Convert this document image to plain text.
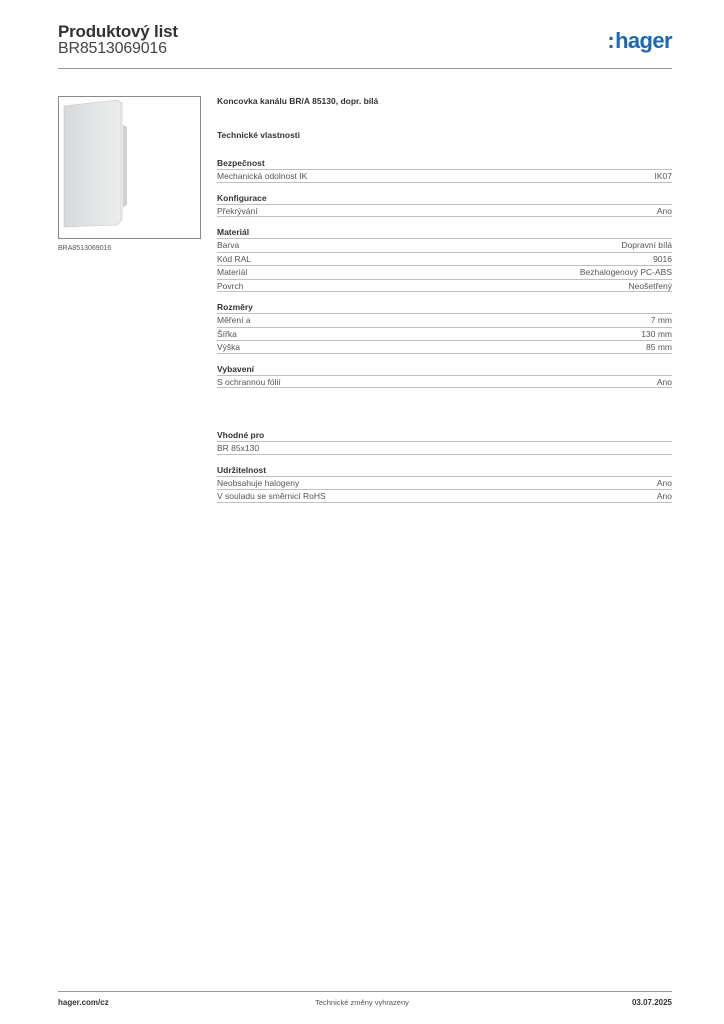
Produktový list
BR8513069016	:hager
BRA8513069016
Koncovka kanálu BR/A 85130, dopr. bílá
Technické vlastnosti
Bezpečnost
Mechanická odolnost IK	IK07
Konfigurace
Překrývání	Ano
Materiál
Barva	Dopravní bílá
Kód RAL	9016
Materiál	Bezhalogenový PC-ABS
Povrch	Neošetřený
Rozměry
Měření a	7 mm
Šířka	130 mm
Výška	85 mm
Vybavení
S ochrannou fólií	Ano
Vhodné pro
BR 85x130
Udržitelnost
Neobsahuje halogeny	Ano
V souladu se směrnicí RoHS	Ano
hager.com/cz	Technické změny vyhrazeny	03.07.2025
